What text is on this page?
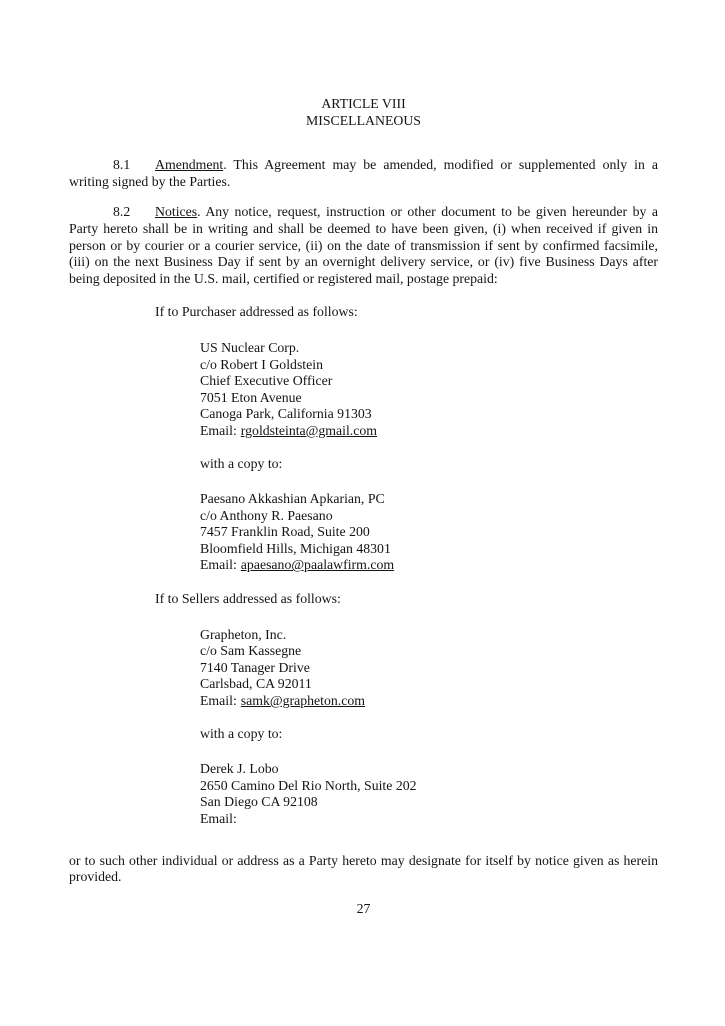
ARTICLE VIII
MISCELLANEOUS

8.1 Amendment. This Agreement may be amended, modified or supplemented only in a writing signed by the Parties.

8.2 Notices. Any notice, request, instruction or other document to be given hereunder by a Party hereto shall be in writing and shall be deemed to have been given, (i) when received if given in person or by courier or a courier service, (ii) on the date of transmission if sent by confirmed facsimile, (iii) on the next Business Day if sent by an overnight delivery service, or (iv) five Business Days after being deposited in the U.S. mail, certified or registered mail, postage prepaid:

If to Purchaser addressed as follows:

US Nuclear Corp.
c/o Robert I Goldstein
Chief Executive Officer
7051 Eton Avenue
Canoga Park, California 91303
Email: rgoldsteinta@gmail.com

with a copy to:

Paesano Akkashian Apkarian, PC
c/o Anthony R. Paesano
7457 Franklin Road, Suite 200
Bloomfield Hills, Michigan 48301
Email: apaesano@paalawfirm.com

If to Sellers addressed as follows:

Grapheton, Inc.
c/o Sam Kassegne
7140 Tanager Drive
Carlsbad, CA 92011
Email: samk@grapheton.com

with a copy to:

Derek J. Lobo
2650 Camino Del Rio North, Suite 202
San Diego CA 92108
Email:

or to such other individual or address as a Party hereto may designate for itself by notice given as herein provided.

27
